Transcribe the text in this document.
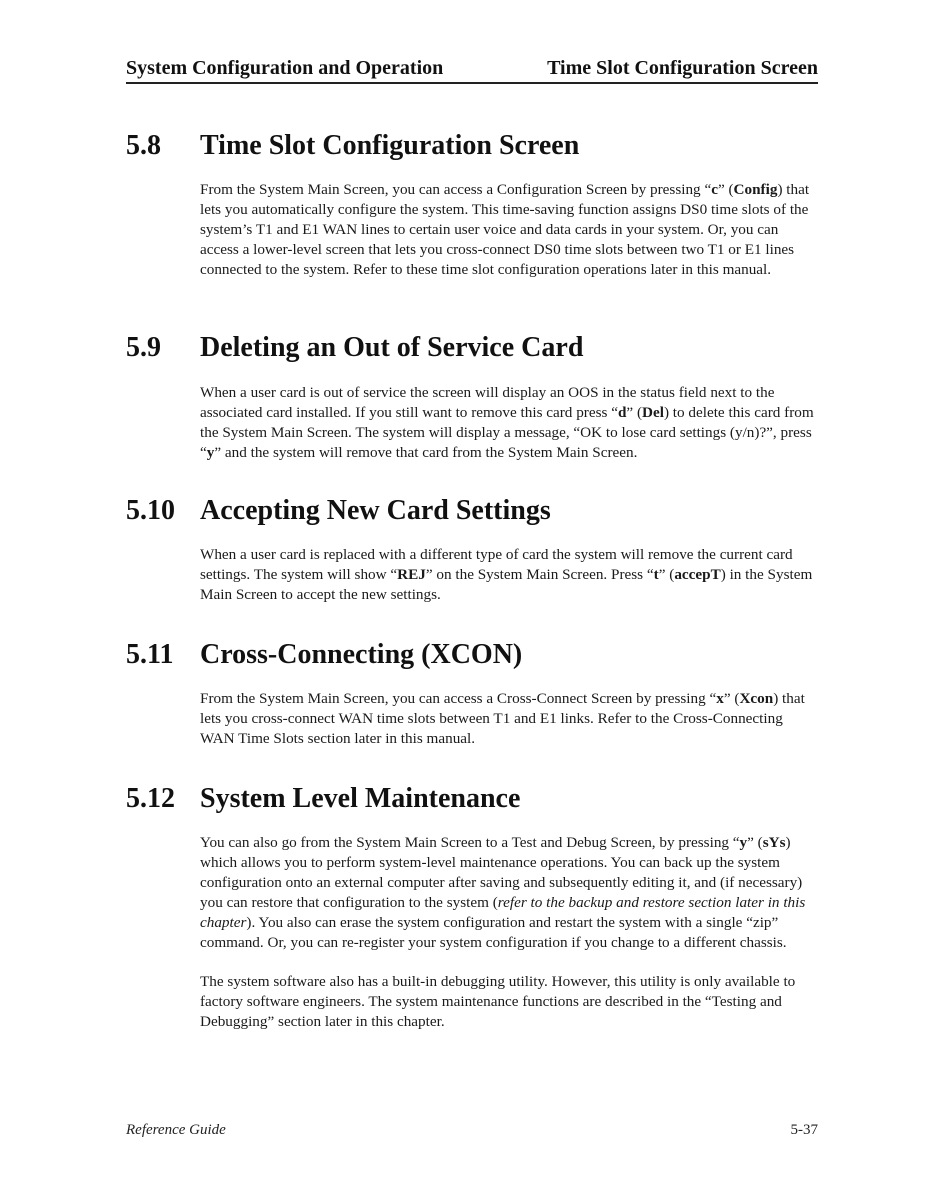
System Configuration and Operation	Time Slot Configuration Screen
5.8 Time Slot Configuration Screen

From the System Main Screen, you can access a Configuration Screen by pressing “c” (Config) that lets you automatically configure the system. This time-saving function assigns DS0 time slots of the system’s T1 and E1 WAN lines to certain user voice and data cards in your system. Or, you can access a lower-level screen that lets you cross-connect DS0 time slots between two T1 or E1 lines connected to the system. Refer to these time slot configuration operations later in this manual.

5.9 Deleting an Out of Service Card

When a user card is out of service the screen will display an OOS in the status field next to the associated card installed. If you still want to remove this card press “d” (Del) to delete this card from the System Main Screen. The system will display a message, “OK to lose card settings (y/n)?”, press “y” and the system will remove that card from the System Main Screen.

5.10 Accepting New Card Settings

When a user card is replaced with a different type of card the system will remove the current card settings. The system will show “REJ” on the System Main Screen. Press “t” (accepT) in the System Main Screen to accept the new settings.

5.11 Cross-Connecting (XCON)

From the System Main Screen, you can access a Cross-Connect Screen by pressing “x” (Xcon) that lets you cross-connect WAN time slots between T1 and E1 links. Refer to the Cross-Connecting WAN Time Slots section later in this manual.

5.12 System Level Maintenance

You can also go from the System Main Screen to a Test and Debug Screen, by pressing “y” (sYs) which allows you to perform system-level maintenance operations. You can back up the system configuration onto an external computer after saving and subsequently editing it, and (if necessary) you can restore that configuration to the system (refer to the backup and restore section later in this chapter). You also can erase the system configuration and restart the system with a single “zip” command. Or, you can re-register your system configuration if you change to a different chassis.

The system software also has a built-in debugging utility. However, this utility is only available to factory software engineers. The system maintenance functions are described in the “Testing and Debugging” section later in this chapter.

Reference Guide	5-37
